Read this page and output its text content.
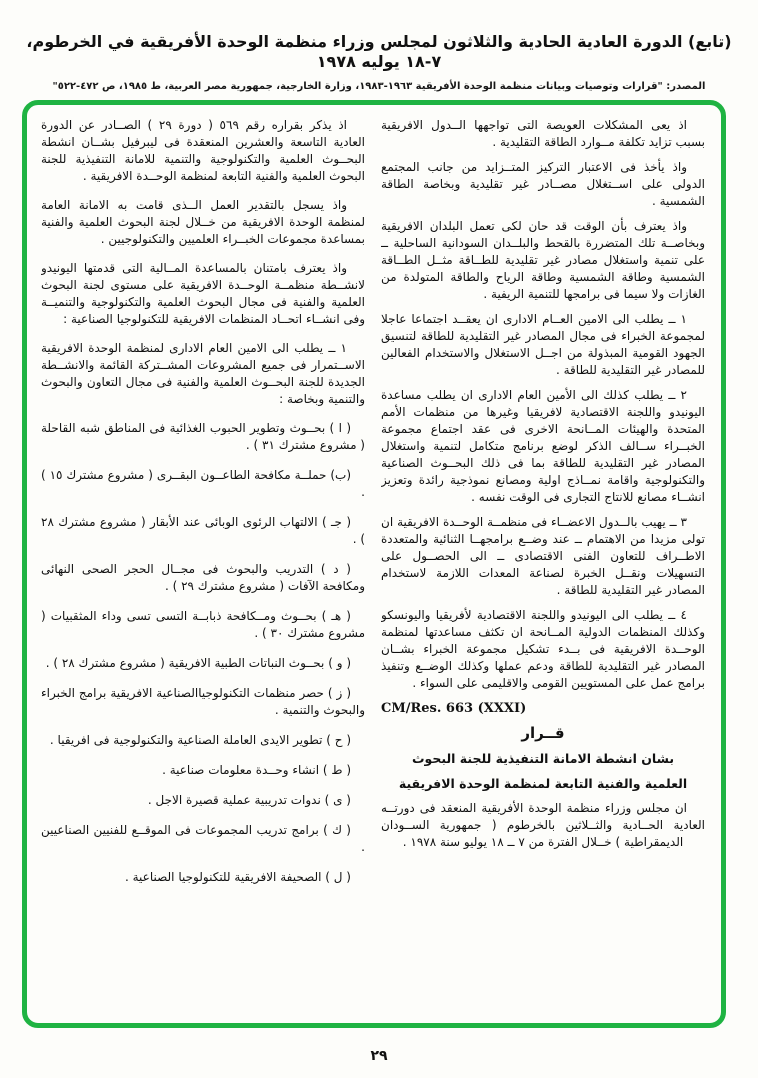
(تابع) الدورة العادية الحادية والثلاثون لمجلس وزراء منظمة الوحدة الأفريقية في الخرطوم، ٧-١٨ يوليه ١٩٧٨
المصدر: "قرارات وتوصيات وبيانات منظمة الوحدة الأفريقية ١٩٦٣-١٩٨٣، وزارة الخارجية، جمهورية مصر العربية، ط ١٩٨٥، ص ٤٧٢-٥٢٢"

اذ يعى المشكلات العويصة التى تواجهها الــدول الافريقية بسبب تزايد تكلفة مــوارد الطاقة التقليدية .

واذ يأخذ فى الاعتبار التركيز المتــزايد من جانب المجتمع الدولى على اســتغلال مصــادر غير تقليدية وبخاصة الطاقة الشمسية .

واذ يعترف بأن الوقت قد حان لكى تعمل البلدان الافريقية وبخاصــة تلك المتضررة بالقحط والبلــدان السودانية الساحلية ــ على تنمية واستغلال مصادر غير تقليدية للطــاقة مثــل الطــاقة الشمسية وطاقة الشمسية وطاقة الرياح والطاقة المتولدة من الغازات ولا سيما فى برامجها للتنمية الريفية .

١ ــ يطلب الى الامين العــام الادارى ان يعقــد اجتماعا عاجلا لمجموعة الخبراء فى مجال المصادر غير التقليدية للطاقة لتنسيق الجهود القومية المبذولة من اجــل الاستغلال والاستخدام الفعالين للمصادر غير التقليدية للطاقة .

٢ ــ يطلب كذلك الى الأمين العام الادارى ان يطلب مساعدة اليونيدو واللجنة الاقتصادية لافريقيا وغيرها من منظمات الأمم المتحدة والهيئات المــانحة الاخرى فى عقد اجتماع مجموعة الخبــراء ســالف الذكر لوضع برنامج متكامل لتنمية واستغلال المصادر غير التقليدية للطاقة بما فى ذلك البحــوث الصناعية والتكنولوجية واقامة نمــاذج اولية ومصانع نموذجية رائدة وتعزيز انشــاء مصانع للانتاج التجارى فى الوقت نفسه .

٣ ــ يهيب بالــدول الاعضــاء فى منظمــة الوحــدة الافريقية ان تولى مزيدا من الاهتمام ــ عند وضــع برامجهــا الثنائية والمتعددة الاطــراف للتعاون الفنى الاقتصادى ــ الى الحصــول على التسهيلات ونقــل الخبرة لصناعة المعدات اللازمة لاستخدام المصادر غير التقليدية للطاقة .

٤ ــ يطلب الى اليونيدو واللجنة الاقتصادية لأفريقيا واليونسكو وكذلك المنظمات الدولية المــانحة ان تكثف مساعدتها لمنظمة الوحــدة الافريقية فى بــدء تشكيل مجموعة الخبراء بشــان المصادر غير التقليدية للطاقة ودعم عملها وكذلك الوضــع وتنفيذ برامج عمل على المستويين القومى والاقليمى على السواء .

CM/Res. 663 (XXXI)

قــرار

بشان انشطة الامانة التنفيذية للجنة البحوث

العلمية والفنية التابعة لمنظمة الوحدة الافريقية

ان مجلس وزراء منظمة الوحدة الأفريقية المنعقد فى دورتــه العادية الحــادية والثــلاثين بالخرطوم ( جمهورية الســودان الديمقراطية ) خــلال الفترة من ٧ ــ ١٨ يوليو سنة ١٩٧٨ .

اذ يذكر بقراره رقم ٥٦٩ ( دورة ٢٩ ) الصــادر عن الدورة العادية التاسعة والعشرين المنعقدة فى ليبرفيل بشــان انشطة البحــوث العلمية والتكنولوجية والتنمية للامانة التنفيذية للجنة البحوث العلمية والفنية التابعة لمنظمة الوحــدة الافريقية .

واذ يسجل بالتقدير العمل الــذى قامت به الامانة العامة لمنظمة الوحدة الافريقية من خــلال لجنة البحوث العلمية والفنية بمساعدة مجموعات الخبــراء العلميين والتكنولوجيين .

واذ يعترف بامتنان بالمساعدة المــالية التى قدمتها اليونيدو لانشــطة منظمــة الوحــدة الافريقية على مستوى لجنة البحوث العلمية والفنية فى مجال البحوث العلمية والتكنولوجية والتنميــة وفى انشــاء اتحــاد المنظمات الافريقية للتكنولوجيا الصناعية :

١ ــ يطلب الى الامين العام الادارى لمنظمة الوحدة الافريقية الاســتمرار فى جميع المشروعات المشــتركة القائمة والانشــطة الجديدة للجنة البحــوث العلمية والفنية فى مجال التعاون والبحوث والتنمية وبخاصة :

( ا ) بحــوث وتطوير الحبوب الغذائية فى المناطق شبه القاحلة ( مشروع مشترك ٣١ ) .

(ب) حملــة مكافحة الطاعــون البقــرى ( مشروع مشترك ١٥ ) .

( جـ ) الالتهاب الرئوى الوبائى عند الأبقار ( مشروع مشترك ٢٨ ) .

( د ) التدريب والبحوث فى مجــال الحجر الصحى النهائى ومكافحة الآفات ( مشروع مشترك ٢٩ ) .

( هـ ) بحــوث ومــكافحة ذبابــة التسى تسى وداء المثقبيات ( مشروع مشترك ٣٠ ) .

( و ) بحــوث النباتات الطبية الافريقية ( مشروع مشترك ٢٨ ) .

( ز ) حصر منظمات التكنولوجياالصناعية الافريقية برامج الخبراء والبحوث والتنمية .

( ح ) تطوير الايدى العاملة الصناعية والتكنولوجية فى افريقيا .

( ط ) انشاء وحــدة معلومات صناعية .

( ى ) ندوات تدريبية عملية قصيرة الاجل .

( ك ) برامج تدريب المجموعات فى الموقــع للفنيين الصناعيين .

( ل ) الصحيفة الافريقية للتكنولوجيا الصناعية .

٢٩
